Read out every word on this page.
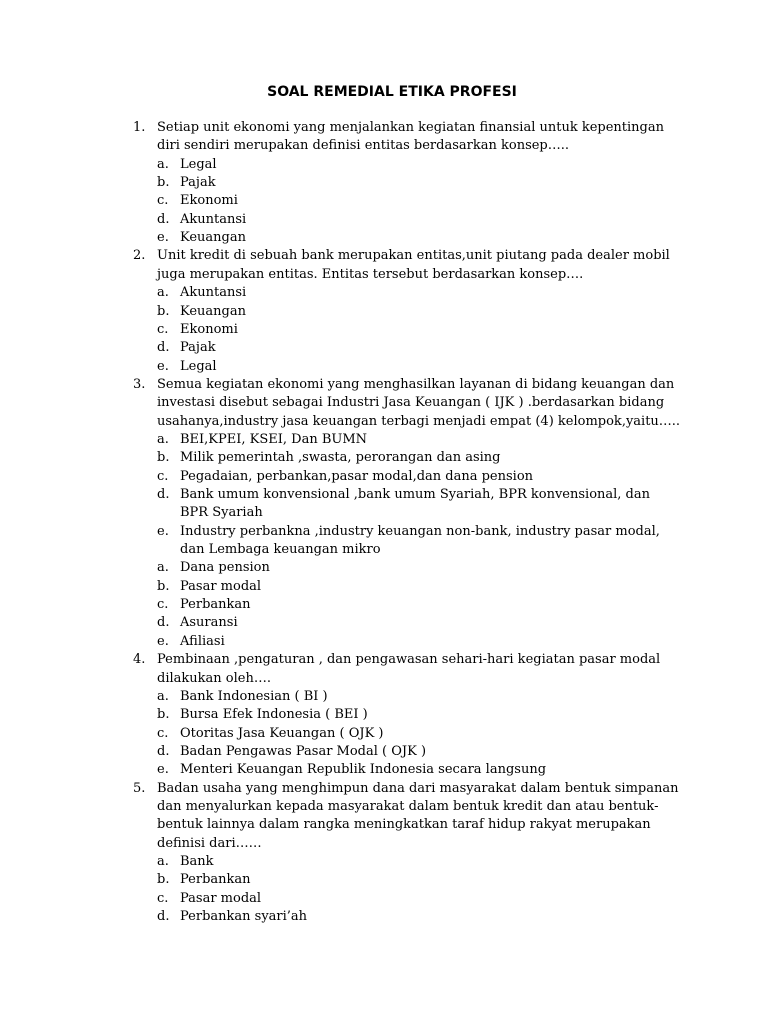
SOAL REMEDIAL ETIKA PROFESI
1. Setiap unit ekonomi yang menjalankan kegiatan finansial untuk kepentingan
diri sendiri merupakan definisi entitas berdasarkan konsep…..
a. Legal
b. Pajak
c. Ekonomi
d. Akuntansi
e. Keuangan
2. Unit kredit di sebuah bank merupakan entitas,unit piutang pada dealer mobil
juga merupakan entitas. Entitas tersebut berdasarkan konsep….
a. Akuntansi
b. Keuangan
c. Ekonomi
d. Pajak
e. Legal
3. Semua kegiatan ekonomi yang menghasilkan layanan di bidang keuangan dan
investasi disebut sebagai Industri Jasa Keuangan ( IJK ) .berdasarkan bidang
usahanya,industry jasa keuangan terbagi menjadi empat (4) kelompok,yaitu…..
a. BEI,KPEI, KSEI, Dan BUMN
b. Milik pemerintah ,swasta, perorangan dan asing
c. Pegadaian, perbankan,pasar modal,dan dana pension
d. Bank umum konvensional ,bank umum Syariah, BPR konvensional, dan
BPR Syariah
e. Industry perbankna ,industry keuangan non-bank, industry pasar modal,
dan Lembaga keuangan mikro
a. Dana pension
b. Pasar modal
c. Perbankan
d. Asuransi
e. Afiliasi
4. Pembinaan ,pengaturan , dan pengawasan sehari-hari kegiatan pasar modal
dilakukan oleh….
a. Bank Indonesian ( BI )
b. Bursa Efek Indonesia ( BEI )
c. Otoritas Jasa Keuangan ( OJK )
d. Badan Pengawas Pasar Modal ( OJK )
e. Menteri Keuangan Republik Indonesia secara langsung
5. Badan usaha yang menghimpun dana dari masyarakat dalam bentuk simpanan
dan menyalurkan kepada masyarakat dalam bentuk kredit dan atau bentuk-
bentuk lainnya dalam rangka meningkatkan taraf hidup rakyat merupakan
definisi dari……
a. Bank
b. Perbankan
c. Pasar modal
d. Perbankan syari’ah
